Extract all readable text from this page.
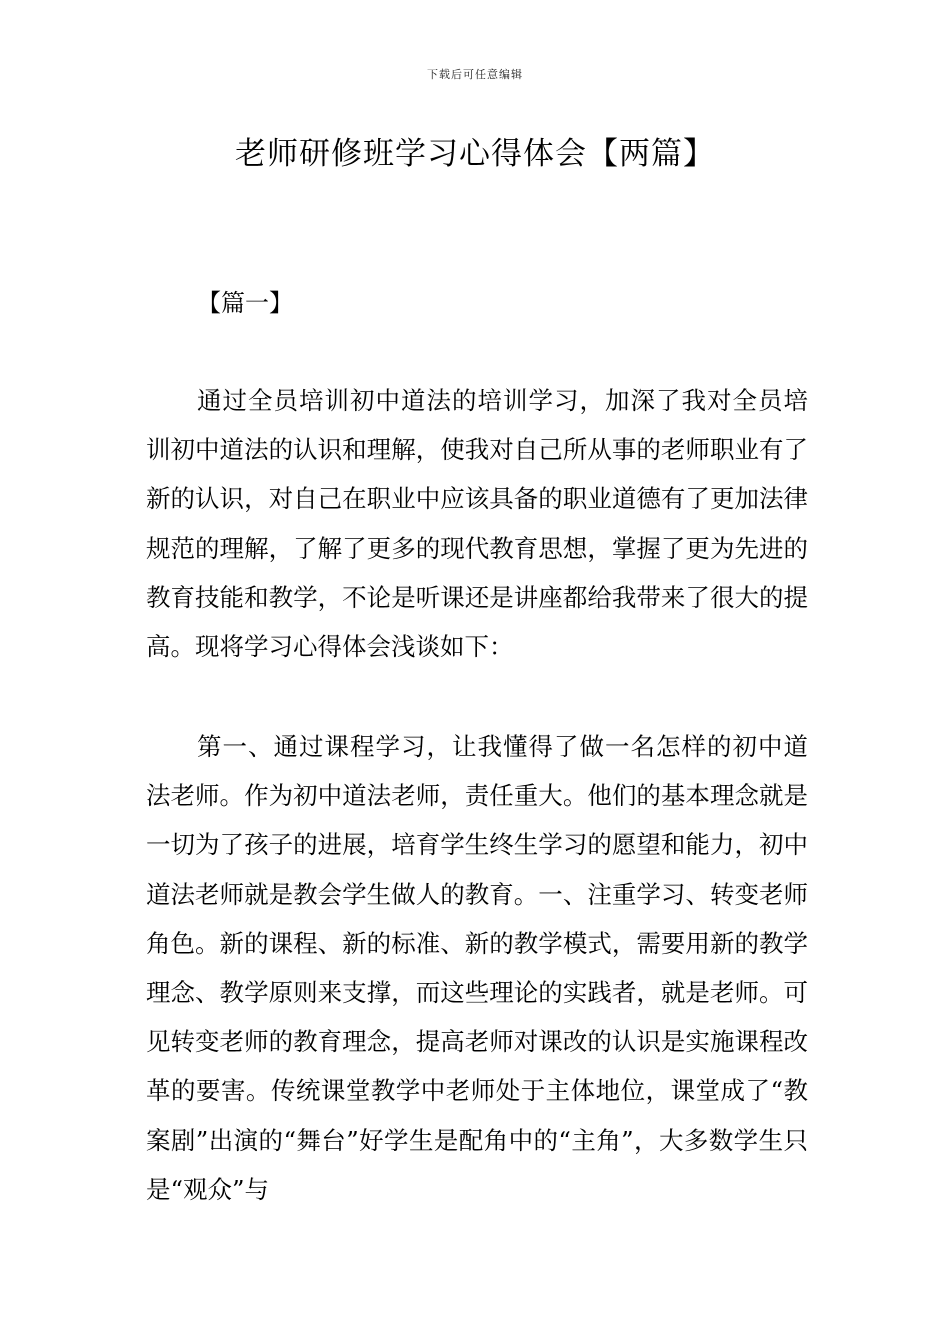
下载后可任意编辑
老师研修班学习心得体会【两篇】
【篇一】

通过全员培训初中道法的培训学习，加深了我对全员培训初中道法的认识和理解，使我对自己所从事的老师职业有了新的认识，对自己在职业中应该具备的职业道德有了更加法律规范的理解，了解了更多的现代教育思想，掌握了更为先进的教育技能和教学，不论是听课还是讲座都给我带来了很大的提高。现将学习心得体会浅谈如下：

第一、通过课程学习，让我懂得了做一名怎样的初中道法老师。作为初中道法老师，责任重大。他们的基本理念就是一切为了孩子的进展，培育学生终生学习的愿望和能力，初中道法老师就是教会学生做人的教育。一、注重学习、转变老师角色。新的课程、新的标准、新的教学模式，需要用新的教学理念、教学原则来支撑，而这些理论的实践者，就是老师。可见转变老师的教育理念，提高老师对课改的认识是实施课程改革的要害。传统课堂教学中老师处于主体地位，课堂成了“教案剧”出演的“舞台”好学生是配角中的“主角”，大多数学生只是“观众”与
